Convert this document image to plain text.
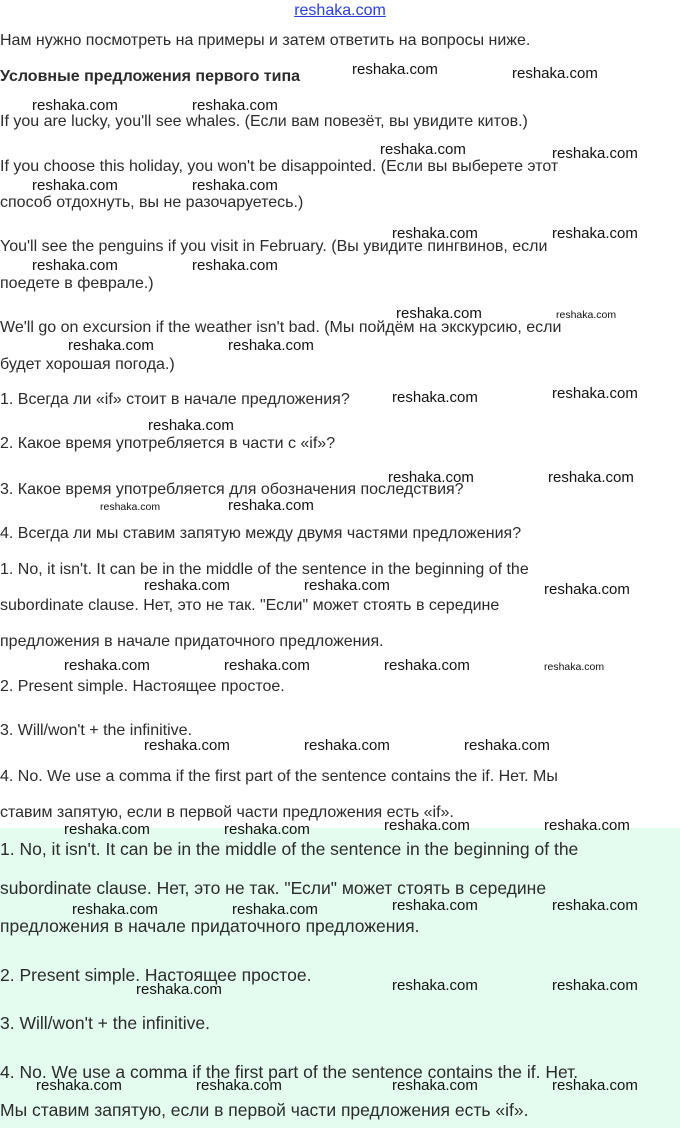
reshaka.com
Нам нужно посмотреть на примеры и затем ответить на вопросы ниже.
Условные предложения первого типа
If you are lucky, you'll see whales. (Если вам повезёт, вы увидите китов.)
If you choose this holiday, you won't be disappointed. (Если вы выберете этот
способ отдохнуть, вы не разочаруетесь.)
You'll see the penguins if you visit in February. (Вы увидите пингвинов, если
поедете в феврале.)
We'll go on excursion if the weather isn't bad. (Мы пойдём на экскурсию, если
будет хорошая погода.)
1. Всегда ли «if» стоит в начале предложения?
2. Какое время употребляется в части с «if»?
3. Какое время употребляется для обозначения последствия?
4. Всегда ли мы ставим запятую между двумя частями предложения?
1. No, it isn't. It can be in the middle of the sentence in the beginning of the
subordinate clause. Нет, это не так. "Если" может стоять в середине
предложения в начале придаточного предложения.
2. Present simple. Настоящее простое.
3. Will/won't + the infinitive.
4. No. We use a comma if the first part of the sentence contains the if. Нет. Мы
ставим запятую, если в первой части предложения есть «if».
1. No, it isn't. It can be in the middle of the sentence in the beginning of the
subordinate clause. Нет, это не так. "Если" может стоять в середине
предложения в начале придаточного предложения.
2. Present simple. Настоящее простое.
3. Will/won't + the infinitive.
4. No. We use a comma if the first part of the sentence contains the if. Нет.
Мы ставим запятую, если в первой части предложения есть «if».
reshaka.com	reshaka.com
reshaka.com	reshaka.com
reshaka.com	reshaka.com
reshaka.com	reshaka.com
reshaka.com	reshaka.com
reshaka.com	reshaka.com
reshaka.com	reshaka.com
reshaka.com	reshaka.com
reshaka.com	reshaka.com
reshaka.com
reshaka.com	reshaka.com
reshaka.com	reshaka.com
reshaka.com	reshaka.com	reshaka.com
reshaka.com	reshaka.com	reshaka.com	reshaka.com
reshaka.com	reshaka.com	reshaka.com
reshaka.com	reshaka.com	reshaka.com	reshaka.com
reshaka.com	reshaka.com	reshaka.com	reshaka.com
reshaka.com	reshaka.com	reshaka.com
reshaka.com	reshaka.com	reshaka.com	reshaka.com
